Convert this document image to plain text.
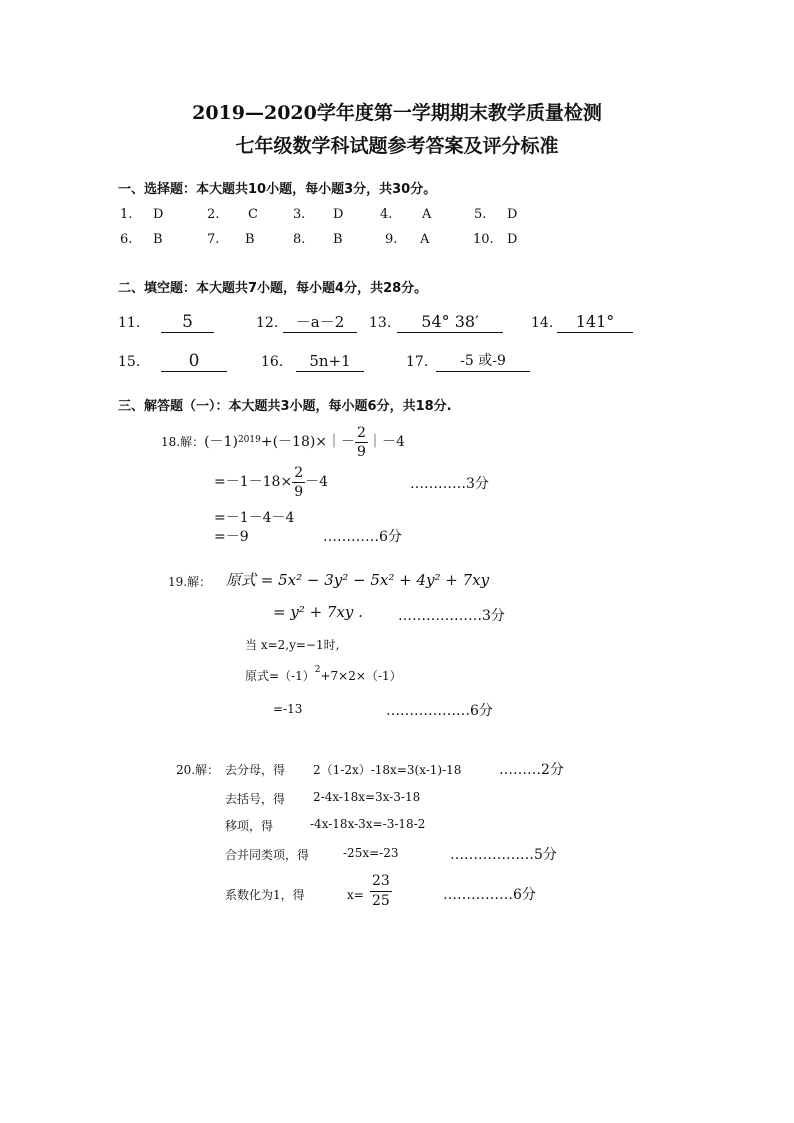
2019—2020学年度第一学期期末教学质量检测
七年级数学科试题参考答案及评分标准
一、选择题：本大题共10小题，每小题3分，共30分。
1. D	2. C	3. D	4. A	5. D
6. B	7. B	8. B	9. A	10. D
二、填空题：本大题共7小题，每小题4分，共28分。
11.	5	12.	－a－2	13.	54° 38′	14.	141°
15.	0	16.	5n+1	17.	-5 或-9
三、解答题（一）：本大题共3小题，每小题6分，共18分.
18.解：$(-1)^{2019}+(-18)\times|- \frac{2}{9}$ ｜－4
$=-1-18\times \frac{2}{9} -4$	…………3分
=－1－4－4
=－9	…………6分
19.解： 原式 = 5x² − 3y² − 5x² + 4y² + 7xy
= y² + 7xy .	………………3分
当 x=2,y=−1时,
原式$=(-1)^2+7\times 2\times(-1)$
=-13	………………6分
20.解： 去分母，得 2（1-2x）-18x=3(x-1)-18	………2分
去括号，得 2-4x-18x=3x-3-18
移项，得	-4x-18x-3x=-3-18-2
合并同类项，得	-25x=-23	………………5分
系数化为1，得	$x= \frac{23}{25}$	……………6分
